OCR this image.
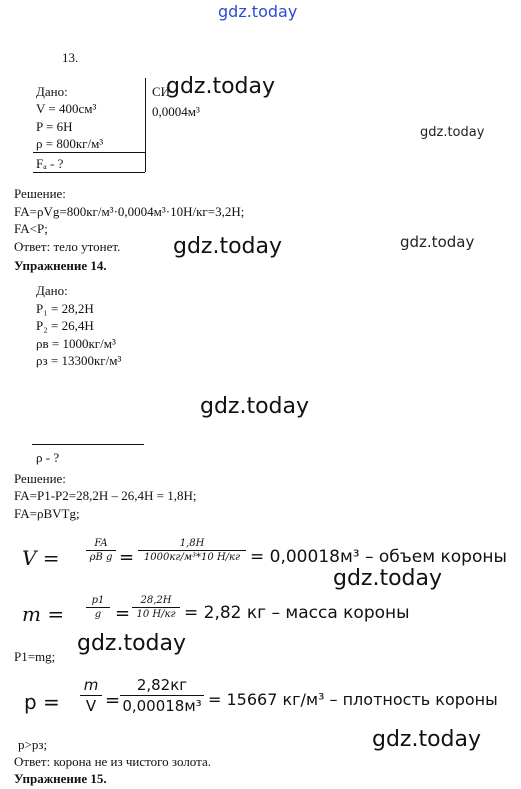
gdz.today
13.
Дано:
V = 400см³
P = 6H
ρ = 800кг/м³
Fₐ - ?
СИ
0,0004м³
gdz.today
gdz.today
Решение:
FA=ρVg=800кг/м³·0,0004м³·10Н/кг=3,2Н;
FA<P;
Ответ: тело утонет. gdz.today	gdz.today
Упражнение 14.
Дано:
P₁ = 28,2Н
P₂ = 26,4Н
ρв = 1000кг/м³
ρз = 13300кг/м³
gdz.today
ρ - ?
Решение:
FA=P1-P2=28,2Н – 26,4Н = 1,8Н;
FA=ρBVTg;
V =
FA
ρB g =
1,8H
1000кг/м³*10 Н/кг = 0,00018м³ – объем короны
gdz.today
m =
p1
g =
28,2H
10 Н/кг = 2,82 кг – масса короны
gdz.today
P1=mg;
p =
m
V =
2,82кг
0,00018м³ = 15667 кг/м³ – плотность короны
gdz.today
p>pз;
Ответ: корона не из чистого золота.
Упражнение 15.
